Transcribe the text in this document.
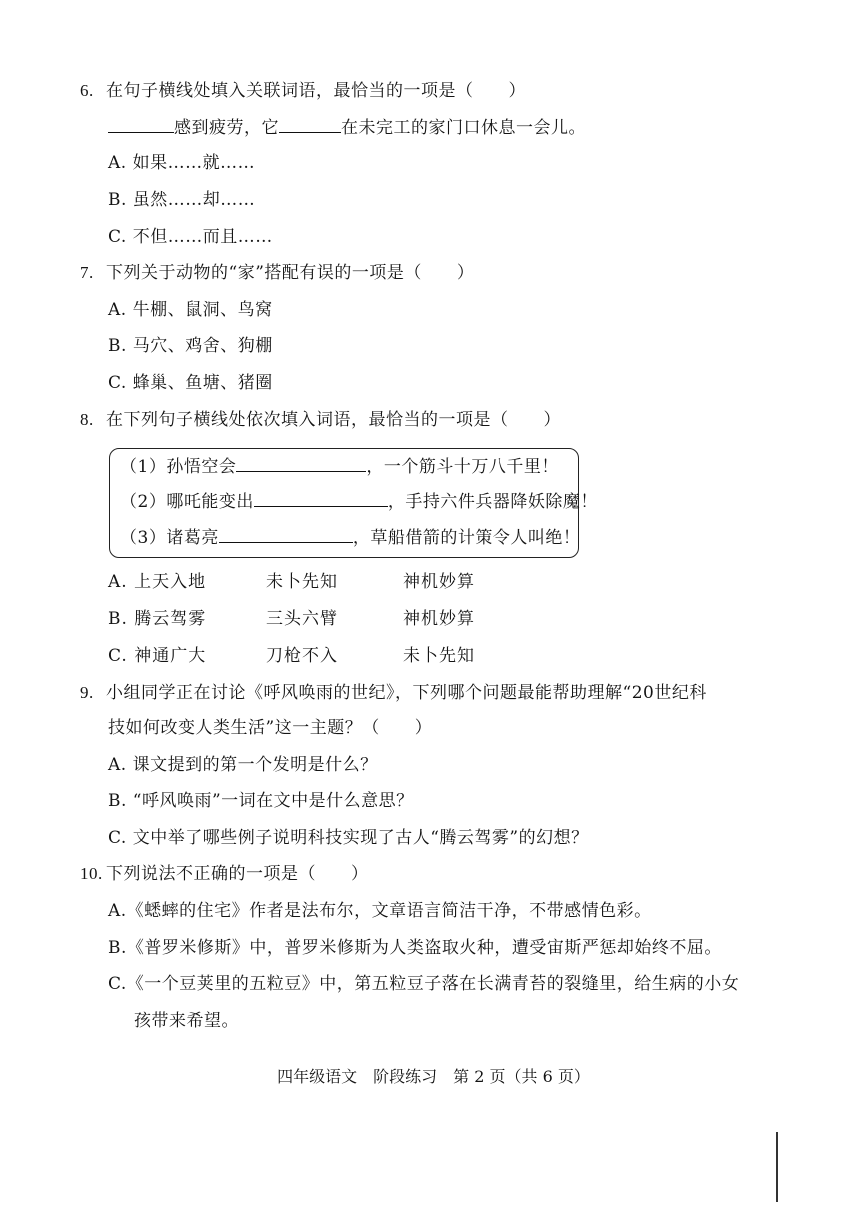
6. 在句子横线处填入关联词语，最恰当的一项是（　　）
感到疲劳，它	在未完工的家门口休息一会儿。
A. 如果……就……
B. 虽然……却……
C. 不但……而且……
7. 下列关于动物的“家”搭配有误的一项是（　　）
A. 牛棚、鼠洞、鸟窝
B. 马穴、鸡舍、狗棚
C. 蜂巢、鱼塘、猪圈
8. 在下列句子横线处依次填入词语，最恰当的一项是（　　）
（1）孙悟空会	，一个筋斗十万八千里！
（2）哪吒能变出	，手持六件兵器降妖除魔！
（3）诸葛亮	，草船借箭的计策令人叫绝！
A. 上天入地	未卜先知	神机妙算
B. 腾云驾雾	三头六臂	神机妙算
C. 神通广大	刀枪不入	未卜先知
9. 小组同学正在讨论《呼风唤雨的世纪》，下列哪个问题最能帮助理解“20世纪科
技如何改变人类生活”这一主题？（　　）
A. 课文提到的第一个发明是什么？
B. “呼风唤雨”一词在文中是什么意思？
C. 文中举了哪些例子说明科技实现了古人“腾云驾雾”的幻想？
10. 下列说法不正确的一项是（　　）
A.《蟋蟀的住宅》作者是法布尔，文章语言简洁干净，不带感情色彩。
B.《普罗米修斯》中，普罗米修斯为人类盗取火种，遭受宙斯严惩却始终不屈。
C.《一个豆荚里的五粒豆》中，第五粒豆子落在长满青苔的裂缝里，给生病的小女
孩带来希望。
四年级语文　阶段练习　第 2 页（共 6 页）
